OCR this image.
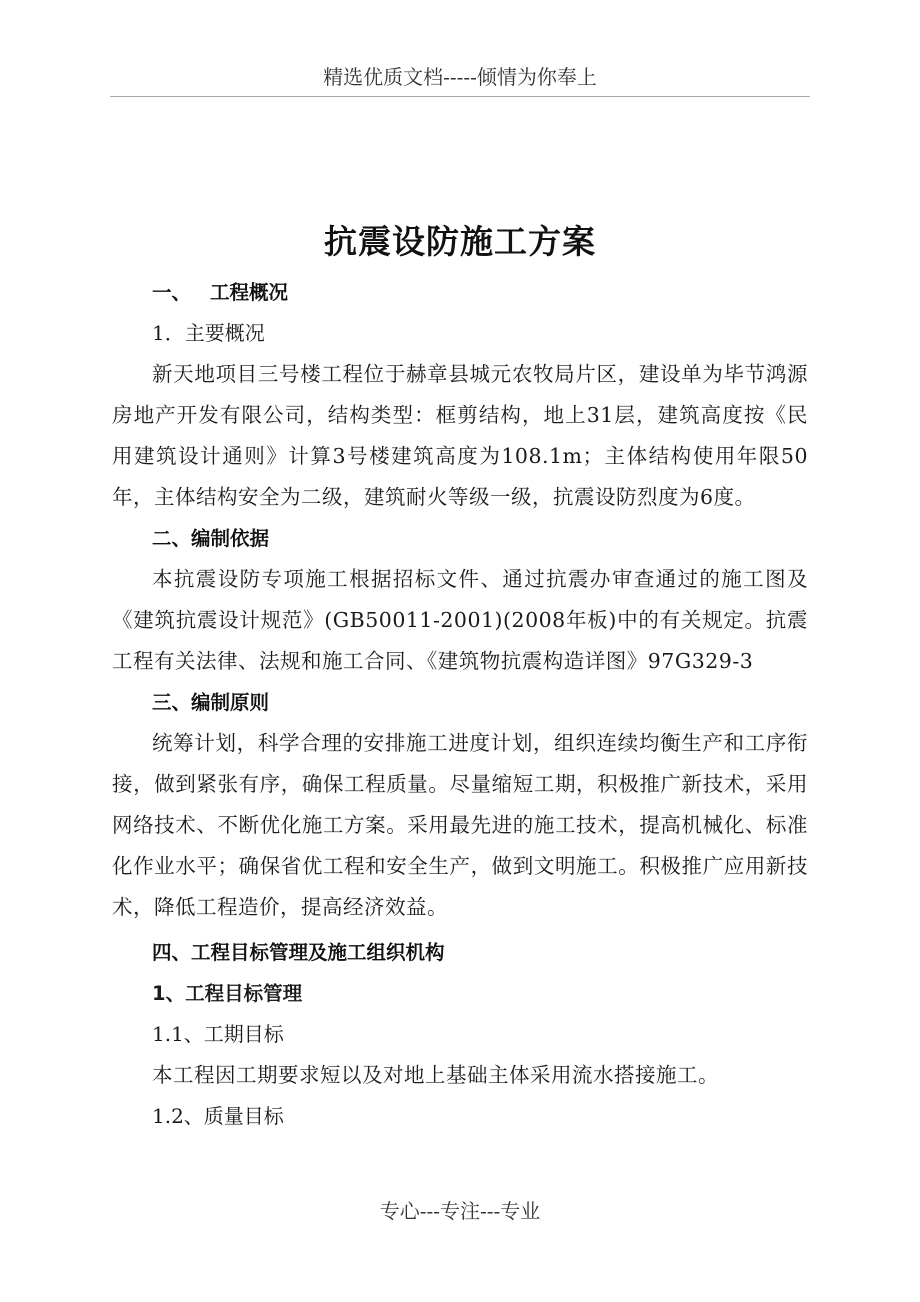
精选优质文档-----倾情为你奉上
抗震设防施工方案
一、 工程概况
1．主要概况
新天地项目三号楼工程位于赫章县城元农牧局片区，建设单为毕节鸿源房地产开发有限公司，结构类型：框剪结构，地上31层，建筑高度按《民用建筑设计通则》计算3号楼建筑高度为108.1m；主体结构使用年限50年，主体结构安全为二级，建筑耐火等级一级，抗震设防烈度为6度。
二、编制依据
本抗震设防专项施工根据招标文件、通过抗震办审查通过的施工图及《建筑抗震设计规范》(GB50011-2001)(2008年板)中的有关规定。抗震工程有关法律、法规和施工合同、《建筑物抗震构造详图》97G329-3
三、编制原则
统筹计划，科学合理的安排施工进度计划，组织连续均衡生产和工序衔接，做到紧张有序，确保工程质量。尽量缩短工期，积极推广新技术，采用网络技术、不断优化施工方案。采用最先进的施工技术，提高机械化、标准化作业水平；确保省优工程和安全生产，做到文明施工。积极推广应用新技术，降低工程造价，提高经济效益。
四、工程目标管理及施工组织机构
1、工程目标管理
1.1、工期目标
本工程因工期要求短以及对地上基础主体采用流水搭接施工。
1.2、质量目标
专心---专注---专业
